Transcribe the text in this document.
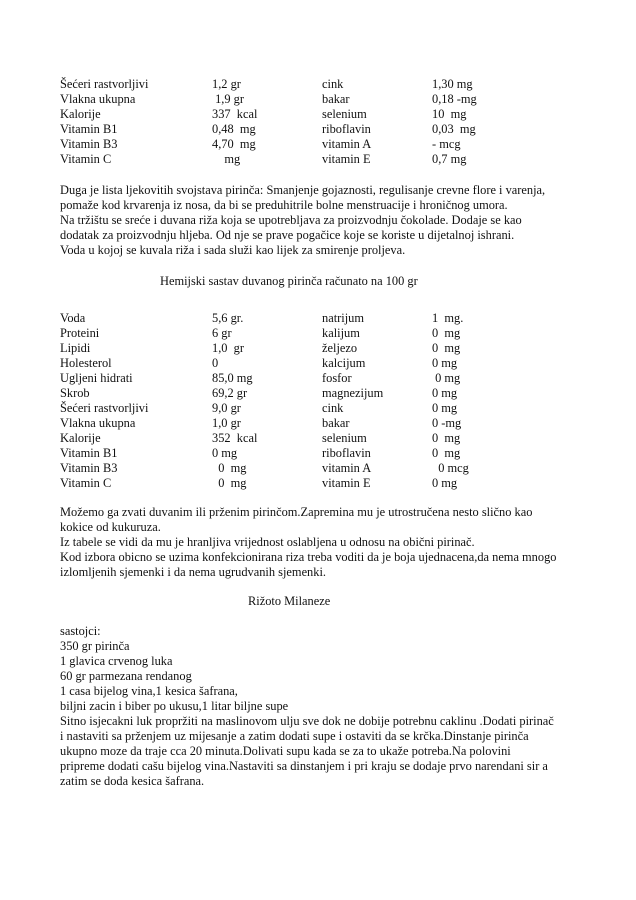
Šećeri rastvorljivi	1,2 gr	cink	1,30 mg
Vlakna ukupna	1,9 gr	bakar	0,18 -mg
Kalorije	337  kcal	selenium	10  mg
Vitamin B1	0,48  mg	riboflavin	0,03  mg
Vitamin B3	4,70  mg	vitamin A	- mcg
Vitamin C	mg	vitamin E	0,7 mg
Duga je lista ljekovitih svojstava pirinča: Smanjenje gojaznosti, regulisanje crevne flore i varenja,
pomaže kod krvarenja iz nosa, da bi se preduhitrile bolne menstruacije i hroničnog umora.
Na tržištu se sreće i duvana riža koja se upotrebljava za proizvodnju čokolade. Dodaje se kao
dodatak za proizvodnju hljeba. Od nje se prave pogačice koje se koriste u dijetalnoj ishrani.
Voda u kojoj se kuvala riža i sada služi kao lijek za smirenje proljeva.
Hemijski sastav duvanog pirinča računato na 100 gr
Voda	5,6 gr.	natrijum	1  mg.
Proteini	6 gr	kalijum	0  mg
Lipidi	1,0  gr	željezo	0  mg
Holesterol	0	kalcijum	0 mg
Ugljeni hidrati	85,0 mg	fosfor	0 mg
Skrob	69,2 gr	magnezijum	0 mg
Šećeri rastvorljivi	9,0 gr	cink	0 mg
Vlakna ukupna	1,0 gr	bakar	0 -mg
Kalorije	352  kcal	selenium	0  mg
Vitamin B1	0 mg	riboflavin	0  mg
Vitamin B3	0  mg	vitamin A	0 mcg
Vitamin C	0  mg	vitamin E	0 mg
Možemo ga zvati duvanim ili prženim pirinčom.Zapremina mu je utrostručena nesto slično kao
kokice od kukuruza.
Iz tabele se vidi da mu je hranljiva vrijednost oslabljena u odnosu na obični pirinač.
Kod izbora obicno se uzima konfekcionirana riza treba voditi da je boja ujednacena,da nema mnogo
izlomljenih sjemenki i da nema ugrudvanih sjemenki.
Rižoto Milaneze
sastojci:
350 gr pirinča
1 glavica crvenog luka
60 gr parmezana rendanog
1 casa bijelog vina,1 kesica šafrana,
biljni zacin i biber po ukusu,1 litar biljne supe
Sitno isjecakni luk propržiti na maslinovom ulju sve dok ne dobije potrebnu caklinu .Dodati pirinač
i nastaviti sa prženjem uz mijesanje a zatim dodati supe i ostaviti da se krčka.Dinstanje pirinča
ukupno moze da traje cca 20 minuta.Dolivati supu kada se za to ukaže potreba.Na polovini
pripreme dodati cašu bijelog vina.Nastaviti sa dinstanjem i pri kraju se dodaje prvo narendani sir a
zatim se doda kesica šafrana.
